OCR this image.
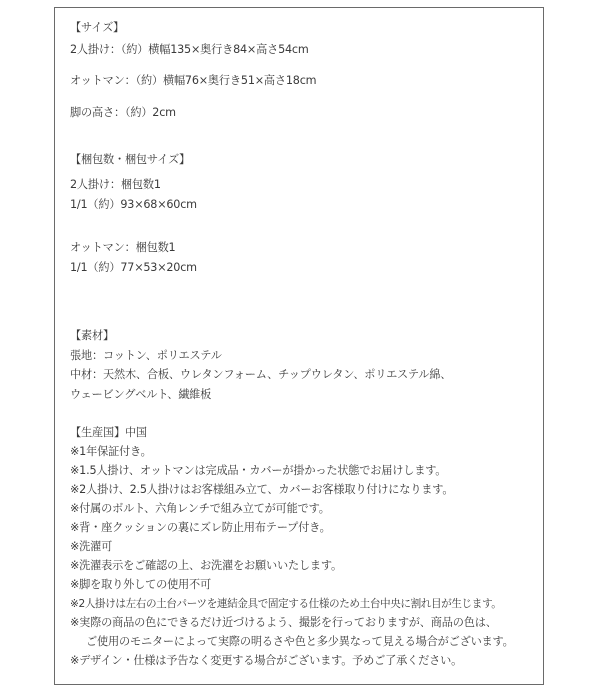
【サイズ】
2人掛け：（約）横幅135×奥行き84×高さ54cm
オットマン：（約）横幅76×奥行き51×高さ18cm
脚の高さ：（約）2cm
【梱包数・梱包サイズ】
2人掛け：梱包数1
1/1（約）93×68×60cm
オットマン：梱包数1
1/1（約）77×53×20cm
【素材】
張地：コットン、ポリエステル
中材：天然木、合板、ウレタンフォーム、チップウレタン、ポリエステル綿、
ウェービングベルト、繊維板
【生産国】中国
※1年保証付き。
※1.5人掛け、オットマンは完成品・カバーが掛かった状態でお届けします。
※2人掛け、2.5人掛けはお客様組み立て、カバーお客様取り付けになります。
※付属のボルト、六角レンチで組み立てが可能です。
※背・座クッションの裏にズレ防止用布テープ付き。
※洗濯可
※洗濯表示をご確認の上、お洗濯をお願いいたします。
※脚を取り外しての使用不可
※2人掛けは左右の土台パーツを連結金具で固定する仕様のため土台中央に割れ目が生じます。
※実際の商品の色にできるだけ近づけるよう、撮影を行っておりますが、商品の色は、
ご使用のモニターによって実際の明るさや色と多少異なって見える場合がございます。
※デザイン・仕様は予告なく変更する場合がございます。予めご了承ください。
